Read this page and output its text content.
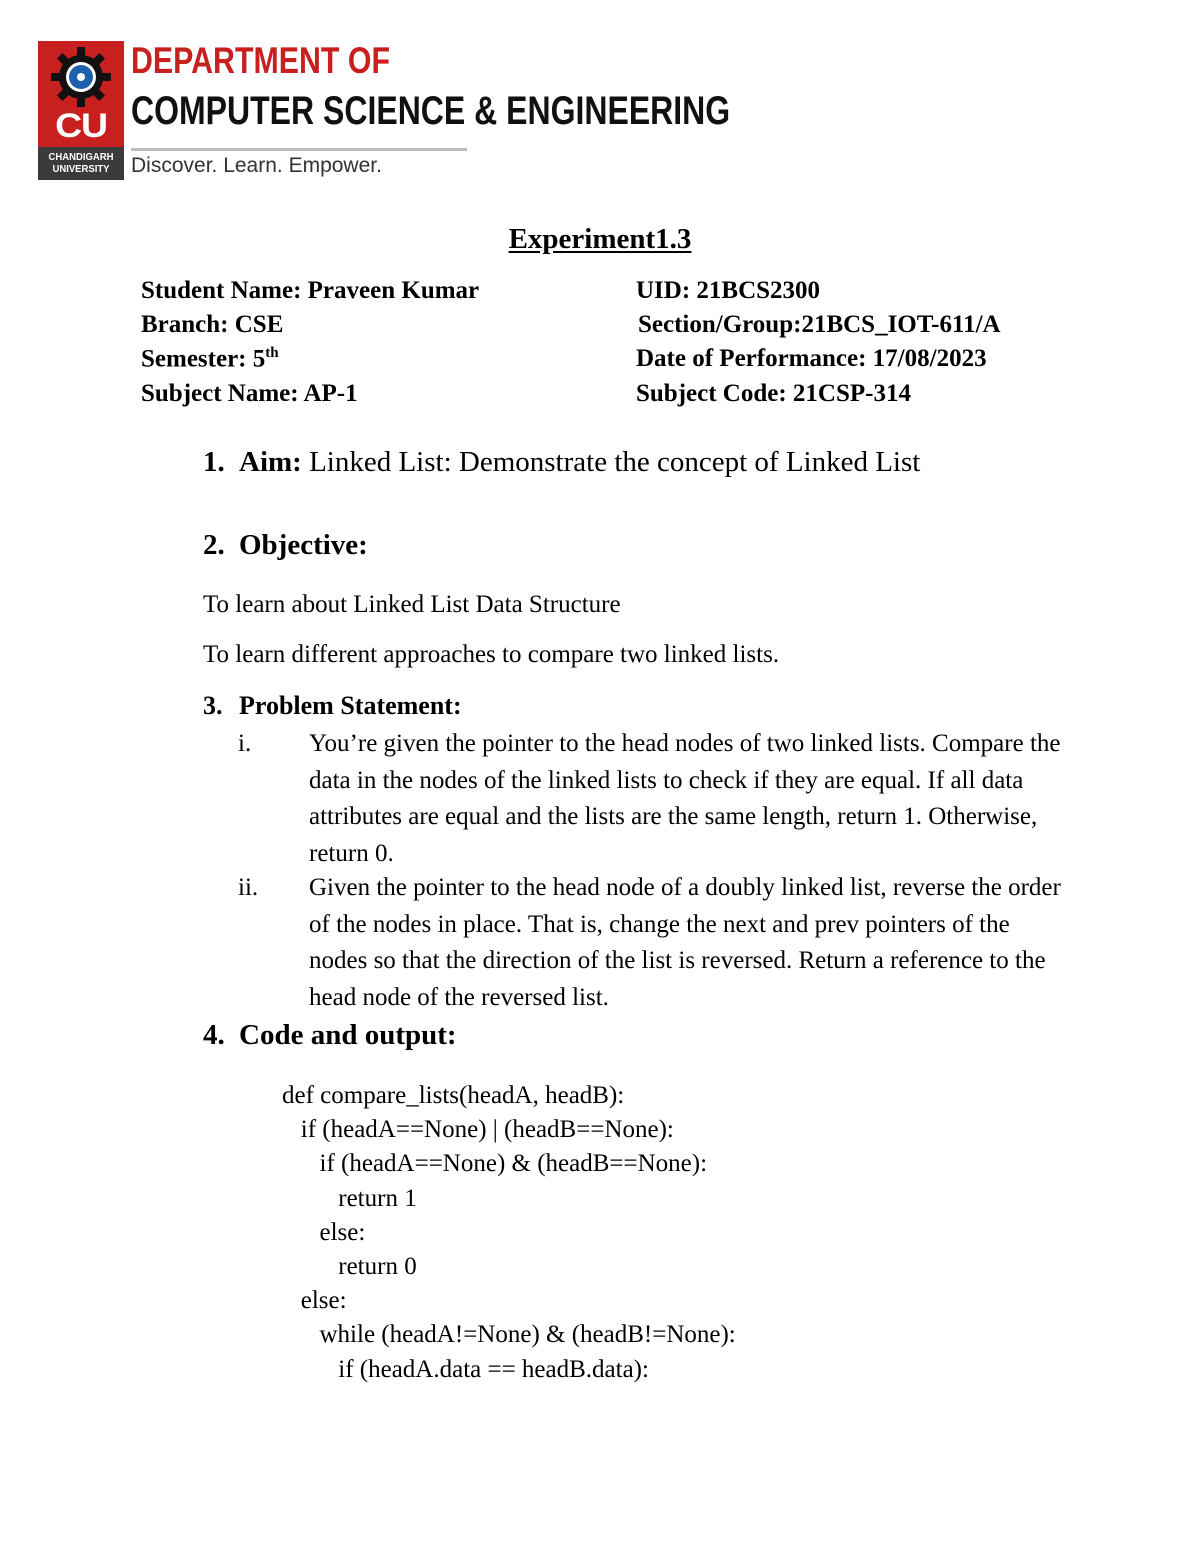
CU
CHANDIGARH
UNIVERSITY
DEPARTMENT OF
COMPUTER SCIENCE & ENGINEERING
Discover. Learn. Empower.
Experiment1.3
Student Name: Praveen Kumar	UID: 21BCS2300
Branch: CSE	Section/Group:21BCS_IOT-611/A
Semester: 5th	Date of Performance: 17/08/2023
Subject Name: AP-1	Subject Code: 21CSP-314
1. Aim: Linked List: Demonstrate the concept of Linked List
2. Objective:
To learn about Linked List Data Structure
To learn different approaches to compare two linked lists.
3. Problem Statement:
i. You’re given the pointer to the head nodes of two linked lists. Compare the data in the nodes of the linked lists to check if they are equal. If all data attributes are equal and the lists are the same length, return 1. Otherwise, return 0.
ii. Given the pointer to the head node of a doubly linked list, reverse the order of the nodes in place. That is, change the next and prev pointers of the nodes so that the direction of the list is reversed. Return a reference to the head node of the reversed list.
4. Code and output:
def compare_lists(headA, headB):
if (headA==None) | (headB==None):
if (headA==None) & (headB==None):
return 1
else:
return 0
else:
while (headA!=None) & (headB!=None):
if (headA.data == headB.data):
